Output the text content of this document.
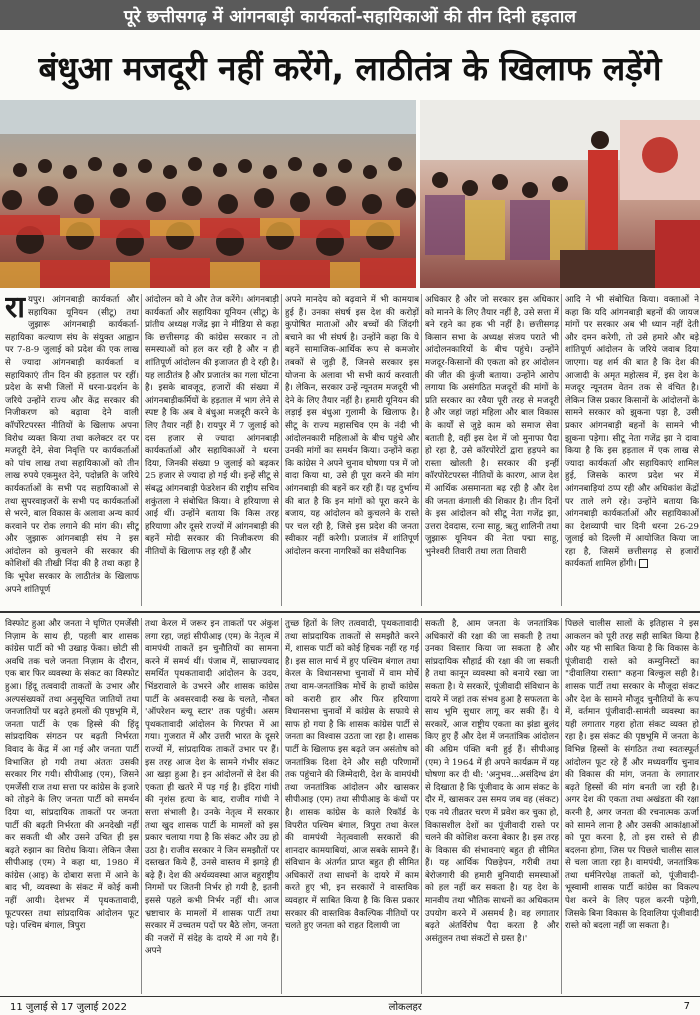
पूरे छत्तीसगढ़ में आंगनबाड़ी कार्यकर्ता-सहायिकाओं की तीन दिनी हड़ताल
बंधुआ मजदूरी नहीं करेंगे, लाठीतंत्र के खिलाफ लड़ेंगे
रायपुर। आंगनबाड़ी कार्यकर्ता और सहायिका यूनियन (सीटू) तथा जुझारू आंगनबाड़ी कार्यकर्ता-सहायिका कल्याण संघ के संयुक्त आह्वान पर 7-8-9 जुलाई को प्रदेश की एक लाख से ज्यादा आंगनबाड़ी कार्यकर्ता व सहायिकाएं तीन दिन की हड़ताल पर रहीं। प्रदेश के सभी जिलों में धरना-प्रदर्शन के जरिये उन्होंने राज्य और केंद्र सरकार की निजीकरण को बढ़ावा देने वाली कॉर्पोरेटपरस्त नीतियों के खिलाफ अपना विरोध व्यक्त किया तथा कलेक्टर दर पर मजदूरी देने, सेवा निवृत्ति पर कार्यकर्ताओं को पांच लाख तथा सहायिकाओं को तीन लाख रुपये एकमुश्त देने, पदोन्नति के जरिये कार्यकर्ताओं के सभी पद सहायिकाओं से तथा सुपरवाइजरों के सभी पद कार्यकर्ताओं से भरने, बाल विकास के अलावा अन्य कार्य करवाने पर रोक लगाने की मांग की। सीटू और जुझारू आंगनबाड़ी संघ ने इस आंदोलन को कुचलने की सरकार की कोशिशों की तीखी निंदा की है तथा कहा है कि भूपेश सरकार के लाठीतंत्र के खिलाफ अपने शांतिपूर्ण
आंदोलन को वे और तेज करेंगे। आंगनबाड़ी कार्यकर्ता और सहायिका यूनियन (सीटू) के प्रांतीय अध्यक्ष गजेंद्र झा ने मीडिया से कहा कि छत्तीसगढ़ की कांग्रेस सरकार न तो समस्याओं को हल कर रही है और न ही शांतिपूर्ण आंदोलन की इजाजत ही दे रही है। यह लाठीतंत्र है और प्रजातंत्र का गला घोंटना है। इसके बावजूद, हजारों की संख्या में आंगनबाड़ीकर्मियों के हड़ताल में भाग लेने से स्पष्ट है कि अब वे बंधुआ मजदूरी करने के लिए तैयार नहीं है। रायपुर में 7 जुलाई को दस हजार से ज्यादा आंगनबाड़ी कार्यकर्ताओं और सहायिकाओं ने धरना दिया, जिनकी संख्या 9 जुलाई को बढ़कर 25 हजार से ज्यादा हो गई थी। इन्हें सीटू से संबद्ध आंगनबाड़ी फेडरेशन की राष्ट्रीय सचिव शकुंतला ने संबोधित किया। वे हरियाणा से आई थीं। उन्होंने बताया कि किस तरह हरियाणा और दूसरे राज्यों में आंगनबाड़ी की बहनें मोदी सरकार की निजीकरण की नीतियों के खिलाफ लड़ रही हैं और
अपने मानदेय को बढ़वाने में भी कामयाब हुई हैं। उनका संघर्ष इस देश की करोड़ों कुपोषित माताओं और बच्चों की जिंदगी बचाने का भी संघर्ष है। उन्होंने कहा कि ये बहनें सामाजिक-आर्थिक रूप से कमजोर तबकों से जुड़ी हैं, जिनसे सरकार इस योजना के अलावा भी सभी कार्य करवाती है। लेकिन, सरकार उन्हें न्यूनतम मजदूरी भी देने के लिए तैयार नहीं है। हमारी यूनियन की लड़ाई इस बंधुआ गुलामी के खिलाफ है। सीटू के राज्य महासचिव एम के नंदी भी आंदोलनकारी महिलाओं के बीच पहुंचे और उनकी मांगों का समर्थन किया। उन्होंने कहा कि कांग्रेस ने अपने चुनाव घोषणा पत्र में जो वादा किया था, उसे ही पूरा करने की मांग आंगनबाड़ी की बहनें कर रही हैं। यह दुर्भाग्य की बात है कि इन मांगों को पूरा करने के बजाय, यह आंदोलन को कुचलने के रास्ते पर चल रही है, जिसे इस प्रदेश की जनता स्वीकार नहीं करेगी। प्रजातंत्र में शांतिपूर्ण आंदोलन करना नागरिकों का संवैधानिक
अधिकार है और जो सरकार इस अधिकार को मानने के लिए तैयार नहीं है, उसे सत्ता में बने रहने का हक भी नहीं है। छत्तीसगढ़ किसान सभा के अध्यक्ष संजय पराते भी आंदोलनकारियों के बीच पहुंचे। उन्होंने मजदूर-किसानों की एकता को हर आंदोलन की जीत की कुंजी बताया। उन्होंने आरोप लगाया कि असंगठित मजदूरों की मांगों के प्रति सरकार का रवैया पूरी तरह से मजदूरी है और जहां जहां महिला और बाल विकास के कार्यों से जुड़े काम को समाज सेवा बताती है, वहीं इस देश में जो मुनाफा पैदा हो रहा है, उसे कॉरपोरेटों द्वारा हड़पने का रास्ता खोलती है। सरकार की इन्हीं कॉरपोरेटपरस्त नीतियों के कारण, आज देश में आर्थिक असमानता बढ़ रही है और देश की जनता कंगाली की शिकार है। तीन दिनों के इस आंदोलन को सीटू नेता गजेंद्र झा, उत्तरा देवदास, रत्ना साहू, ऋतु शालिनी तथा जुझारू यूनियन की नेता पद्मा साहू, भुनेश्वरी तिवारी तथा लता तिवारी
आदि ने भी संबोधित किया। वक्ताओं ने कहा कि यदि आंगनबाड़ी बहनों की जायज मांगों पर सरकार अब भी ध्यान नहीं देती और दमन करेगी, तो उसे हमारे और बड़े शांतिपूर्ण आंदोलन के जरिये जवाब दिया जाएगा। यह शर्म की बात है कि देश की आजादी के अमृत महोत्सव में, इस देश के मजदूर न्यूनतम वेतन तक से वंचित है। लेकिन जिस प्रकार किसानों के आंदोलनों के सामने सरकार को झुकना पड़ा है, उसी प्रकार आंगनबाड़ी बहनों के सामने भी झुकना पड़ेगा। सीटू नेता गजेंद्र झा ने दावा किया है कि इस हड़ताल में एक लाख से ज्यादा कार्यकर्ता और सहायिकाएं शामिल हुई, जिसके कारण प्रदेश भर में आंगनबाड़ियां ठप्प रही और अधिकांश केंद्रों पर ताले लगे रहे। उन्होंने बताया कि आंगनबाड़ी कार्यकर्ताओं और सहायिकाओं का देशव्यापी चार दिनी धरना 26-29 जुलाई को दिल्ली में आयोजित किया जा रहा है, जिसमें छत्तीसगढ़ से हजारों कार्यकर्ता शामिल होंगी।
विस्फोट हुआ और जनता ने घृणित एमर्जेंसी निज़ाम के साथ ही, पहली बार शासक कांग्रेस पार्टी को भी उखाड़ फेंका। छोटी सी अवधि तक चले जनता निज़ाम के दौरान, एक बार फिर व्यवस्था के संकट का विस्फोट हुआ। हिंदू तत्ववादी ताकतों के उभार और अल्पसंख्यकों तथा अनुसूचित जातियों तथा जनजातियों पर बढ़ते हमलों की पृष्ठभूमि में, जनता पार्टी के एक हिस्से की हिंदू सांप्रदायिक संगठन पर बढ़ती निर्भरता विवाद के केंद्र में आ गई और जनता पार्टी विभाजित हो गयी तथा अंततः उसकी सरकार गिर गयी। सीपीआइ (एम), जिसने एमर्जेंसी राज तथा सत्ता पर कांग्रेस के इजारे को तोड़ने के लिए जनता पार्टी को समर्थन दिया था, सांप्रदायिक ताकतों पर जनता पार्टी की बढ़ती निर्भरता की अनदेखी नहीं कर सकती थी और उसने उचित ही इस बढ़ते रुझान का विरोध किया। लेकिन जैसा सीपीआइ (एम) ने कहा था, 1980 में कांग्रेस (आइ) के दोबारा सत्ता में आने के बाद भी, व्यवस्था के संकट में कोई कमी नहीं आयी। देशभर में पृथकतावादी, फूटपरस्त तथा सांप्रदायिक आंदोलन फूट पड़े। पश्चिम बंगाल, त्रिपुरा
तथा केरल में जरूर इन ताकतों पर अंकुश लगा रहा, जहां सीपीआइ (एम) के नेतृत्व में वामपंथी ताकतें इन चुनौतियों का सामना करने में समर्थ थीं। पंजाब में, साम्राज्यवाद समर्थित पृथकतावादी आंदोलन के उदय, भिंडरावाले के उभरने और शासक कांग्रेस पार्टी के अवसरवादी रुख के चलते, नौबत 'ऑपरेशन ब्ल्यू स्टार' तक पहुंची। असम पृथकतावादी आंदोलन के गिरफ्त में आ गया। गुजरात में और उत्तरी भारत के दूसरे राज्यों में, सांप्रदायिक ताकतें उभार पर हैं। इस तरह आज देश के सामने गंभीर संकट आ खड़ा हुआ है। इन आंदोलनों से देश की एकता ही खतरे में पड़ गई है। इंदिरा गांधी की नृशंस हत्या के बाद, राजीव गांधी ने सत्ता संभाली है। उनके नेतृत्व में सरकार तथा खुद शासक पार्टी के मामलों को इस प्रकार चलाया गया है कि संकट और उग्र हो उठा है। राजीव सरकार ने जिन समझौतों पर दस्तखत किये हैं, उनसे वास्तव में झगड़े ही बढ़े हैं। देश की अर्थव्यवस्था आज बहुराष्ट्रीय निगमों पर जितनी निर्भर हो गयी है, इतनी इससे पहले कभी निर्भर नहीं थी। आज भ्रष्टाचार के मामलों में शासक पार्टी तथा सरकार में उच्चतम पदों पर बैठे लोग, जनता की नजरों में संदेह के दायरे में आ गये हैं। अपने
तुच्छ हितों के लिए तत्ववादी, पृथकतावादी तथा सांप्रदायिक ताकतों से समझौते करने में, शासक पार्टी को कोई हिचक नहीं रह गई है। इस साल मार्च में हुए पश्चिम बंगाल तथा केरल के विधानसभा चुनावों में वाम मोर्चे तथा वाम-जनतांत्रिक मोर्चे के हाथों कांग्रेस को करारी हार और फिर हरियाणा विधानसभा चुनावों में कांग्रेस के सफाये से साफ हो गया है कि शासक कांग्रेस पार्टी से जनता का विश्वास उठता जा रहा है। शासक पार्टी के खिलाफ इस बढ़ते जन असंतोष को जनतांत्रिक दिशा देने और सही परिणामों तक पहुंचाने की जिम्मेदारी, देश के वामपंथी तथा जनतांत्रिक आंदोलन और खासकर सीपीआइ (एम) तथा सीपीआइ के कंधों पर है। शासक कांग्रेस के काले रिकॉर्ड के विपरीत पश्चिम बंगाल, त्रिपुरा तथा केरल की वामपंथी नेतृत्ववाली सरकारों की शानदार कामयाबियां, आज सबके सामने हैं। संविधान के अंतर्गत प्राप्त बहुत ही सीमित अधिकारों तथा साधनों के दायरे में काम करते हुए भी, इन सरकारों ने वास्तविक व्यवहार में साबित किया है कि किस प्रकार सरकार की वास्तविक वैकल्पिक नीतियों पर चलते हुए जनता को राहत दिलायी जा
सकती है, आम जनता के जनतांत्रिक अधिकारों की रक्षा की जा सकती है तथा उनका विस्तार किया जा सकता है और सांप्रदायिक सौहार्द्र की रक्षा की जा सकती है तथा कानून व्यवस्था को बनाये रखा जा सकता है। ये सरकारें, पूंजीवादी संविधान के दायरे में जहां तक संभव हुआ है सफलता के साथ भूमि सुधार लागू कर सकी हैं। ये सरकारें, आज राष्ट्रीय एकता का झंडा बुलंद किए हुए हैं और देश में जनतांत्रिक आंदोलन की अग्रिम पंक्ति बनी हुई हैं। सीपीआइ (एम) ने 1964 में ही अपने कार्यक्रम में यह घोषणा कर दी थी: 'अनुभव...असंदिग्ध ढंग से दिखाता है कि पूंजीवाद के आम संकट के दौर में, खासकर उस समय जब वह (संकट) एक नये तीव्रतर चरण में प्रवेश कर चुका हो, विकासशील देशों का पूंजीवादी रास्ते पर चलने की कोशिश करना बेकार है। इस तरह के विकास की संभावनाएं बहुत ही सीमित हैं। यह आर्थिक पिछड़ेपन, गरीबी तथा बेरोजगारी की हमारी बुनियादी समस्याओं को हल नहीं कर सकता है। यह देश के मानवीय तथा भौतिक साधनों का अधिकतम उपयोग करने में असमर्थ है। वह लगातार बढ़ते अंतर्विरोध पैदा करता है और असंतुलन तथा संकटों से ग्रस्त है।'
पिछले चालीस सालों के इतिहास ने इस आकलन को पूरी तरह सही साबित किया है और यह भी साबित किया है कि विकास के पूंजीवादी रास्ते को कम्युनिस्टों का "दीवालिया रास्ता" कहना बिल्कुल सही है। शासक पार्टी तथा सरकार के मौजूदा संकट और देश के सामने मौजूद चुनौतियों के रूप में, वर्तमान पूंजीवादी-सामंती व्यवस्था का यही लगातार गहरा होता संकट व्यक्त हो रहा है। इस संकट की पृष्ठभूमि में जनता के विभिन्न हिस्सों के संगठित तथा स्वतःस्फूर्त आंदोलन फूट रहे हैं और मध्यवर्गीय चुनाव की विकास की मांग, जनता के लगातार बढ़ते हिस्सों की मांग बनती जा रही है। अगर देश की एकता तथा अखंडता की रक्षा करनी है, अगर जनता की रचनात्मक ऊर्जा को सामने लाना है और उसकी आकांक्षाओं को पूरा करना है, तो इस रास्ते से ही बदलना होगा, जिस पर पिछले चालीस साल से चला जाता रहा है। वामपंथी, जनतांत्रिक तथा धर्मनिरपेक्ष ताकतों को, पूंजीवादी-भूस्वामी शासक पार्टी कांग्रेस का विकल्प पेश करने के लिए पहल करनी पड़ेगी, जिसके बिना विकास के दिवालिया पूंजीवादी रास्ते को बदला नहीं जा सकता है।
11 जुलाई से 17 जुलाई 2022	लोकलहर	7
